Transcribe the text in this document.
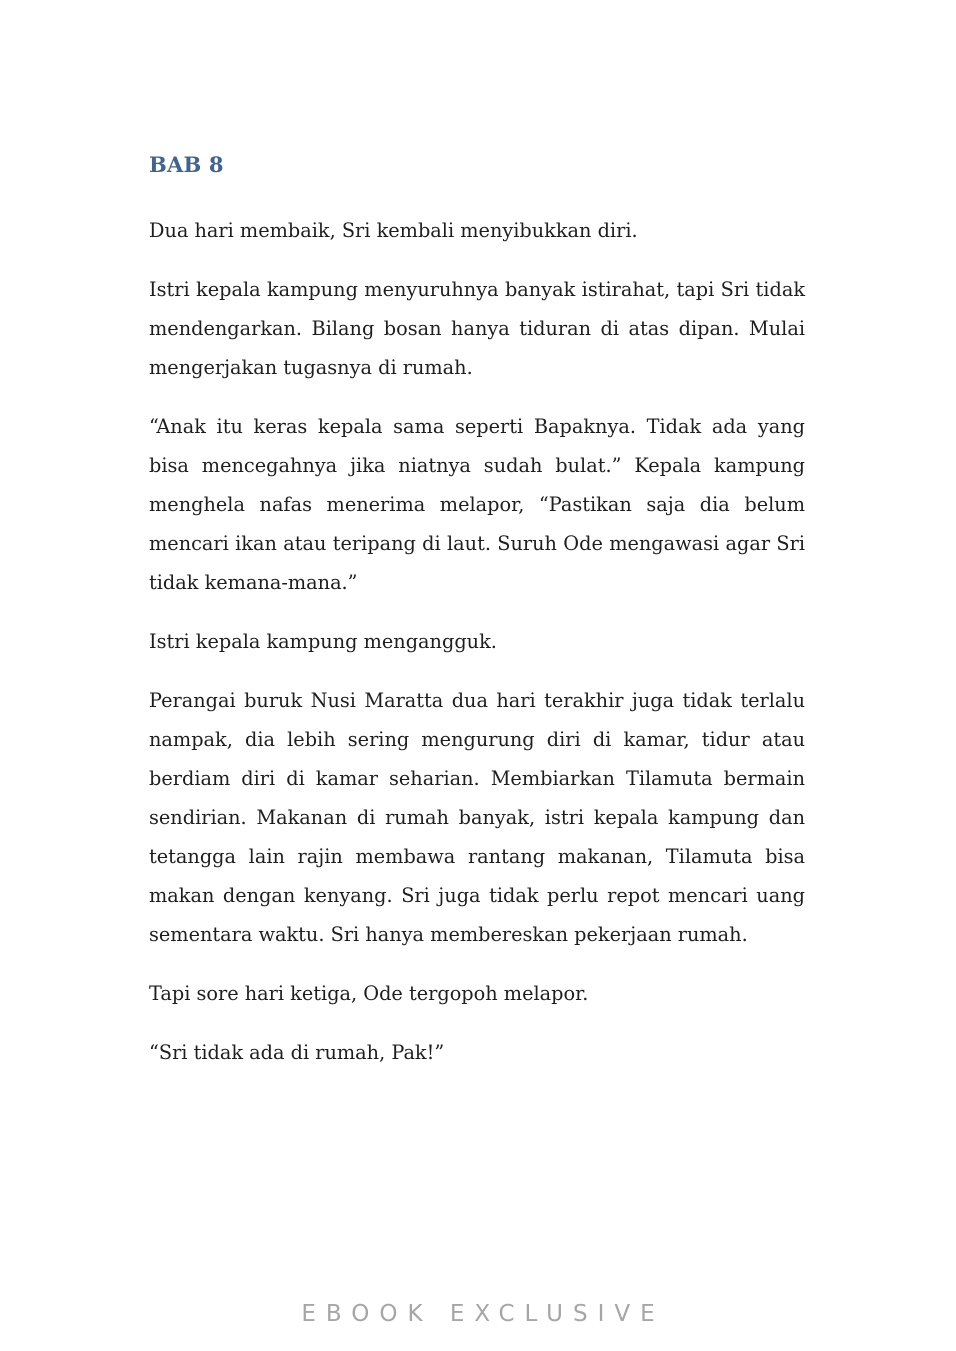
BAB 8

Dua hari membaik, Sri kembali menyibukkan diri.

Istri kepala kampung menyuruhnya banyak istirahat, tapi Sri tidak mendengarkan. Bilang bosan hanya tiduran di atas dipan. Mulai mengerjakan tugasnya di rumah.

“Anak itu keras kepala sama seperti Bapaknya. Tidak ada yang bisa mencegahnya jika niatnya sudah bulat.” Kepala kampung menghela nafas menerima melapor, “Pastikan saja dia belum mencari ikan atau teripang di laut. Suruh Ode mengawasi agar Sri tidak kemana-mana.”

Istri kepala kampung mengangguk.

Perangai buruk Nusi Maratta dua hari terakhir juga tidak terlalu nampak, dia lebih sering mengurung diri di kamar, tidur atau berdiam diri di kamar seharian. Membiarkan Tilamuta bermain sendirian. Makanan di rumah banyak, istri kepala kampung dan tetangga lain rajin membawa rantang makanan, Tilamuta bisa makan dengan kenyang. Sri juga tidak perlu repot mencari uang sementara waktu. Sri hanya membereskan pekerjaan rumah.

Tapi sore hari ketiga, Ode tergopoh melapor.

“Sri tidak ada di rumah, Pak!”

EBOOK EXCLUSIVE
